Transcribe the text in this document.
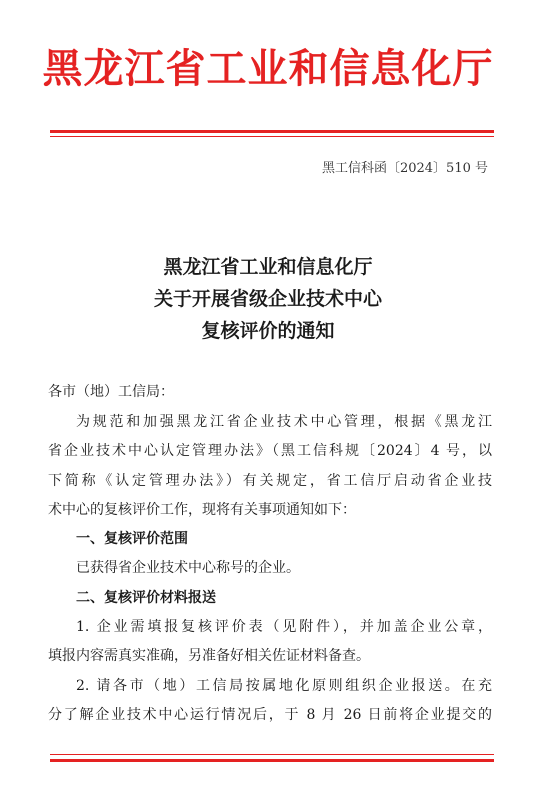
黑龙江省工业和信息化厅
黑工信科函〔2024〕510 号
黑龙江省工业和信息化厅
关于开展省级企业技术中心
复核评价的通知
各市（地）工信局：

为规范和加强黑龙江省企业技术中心管理，根据《黑龙江

省企业技术中心认定管理办法》（黑工信科规〔2024〕4 号，以

下简称《认定管理办法》）有关规定，省工信厅启动省企业技

术中心的复核评价工作，现将有关事项通知如下：

一、复核评价范围

已获得省企业技术中心称号的企业。

二、复核评价材料报送

1. 企业需填报复核评价表（见附件），并加盖企业公章，

填报内容需真实准确，另准备好相关佐证材料备查。

2. 请各市（地）工信局按属地化原则组织企业报送。在充

分了解企业技术中心运行情况后，于 8 月 26 日前将企业提交的
